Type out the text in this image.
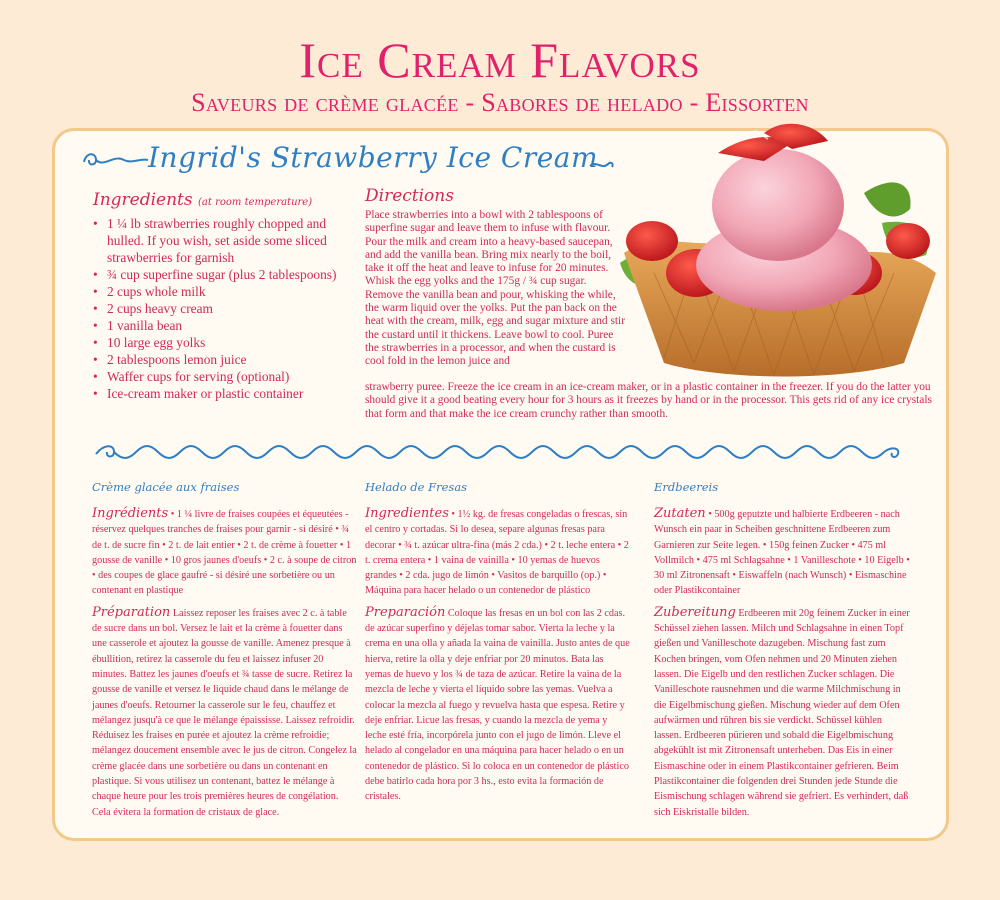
Ice Cream Flavors
Saveurs de crème glacée - Sabores de helado - Eissorten
Ingrid's Strawberry Ice Cream
Ingredients (at room temperature)
• 1 ¼ lb strawberries roughly chopped and hulled. If you wish, set aside some sliced strawberries for garnish
• ¾ cup superfine sugar (plus 2 tablespoons)
• 2 cups whole milk
• 2 cups heavy cream
• 1 vanilla bean
• 10 large egg yolks
• 2 tablespoons lemon juice
• Waffer cups for serving (optional)
• Ice-cream maker or plastic container
Directions
Place strawberries into a bowl with 2 tablespoons of superfine sugar and leave them to infuse with flavour. Pour the milk and cream into a heavy-based saucepan, and add the vanilla bean. Bring mix nearly to the boil, take it off the heat and leave to infuse for 20 minutes. Whisk the egg yolks and the 175g / ¾ cup sugar. Remove the vanilla bean and pour, whisking the while, the warm liquid over the yolks. Put the pan back on the heat with the cream, milk, egg and sugar mixture and stir the custard until it thickens. Leave bowl to cool. Puree the strawberries in a processor, and when the custard is cool fold in the lemon juice and
strawberry puree. Freeze the ice cream in an ice-cream maker, or in a plastic container in the freezer. If you do the latter you should give it a good beating every hour for 3 hours as it freezes by hand or in the processor. This gets rid of any ice crystals that form and that make the ice cream crunchy rather than smooth.
Crème glacée aux fraises

Ingrédients • 1 ¼ livre de fraises coupées et équeutées - réservez quelques tranches de fraises pour garnir - si désiré • ¾ de t. de sucre fin • 2 t. de lait entier • 2 t. de crème à fouetter • 1 gousse de vanille • 10 gros jaunes d'oeufs • 2 c. à soupe de citron • des coupes de glace gaufré - si désiré une sorbetière ou un contenant en plastique

Préparation Laissez reposer les fraises avec 2 c. à table de sucre dans un bol. Versez le lait et la crème à fouetter dans une casserole et ajoutez la gousse de vanille. Amenez presque à ébullition, retirez la casserole du feu et laissez infuser 20 minutes. Battez les jaunes d'oeufs et ¾ tasse de sucre. Retirez la gousse de vanille et versez le liquide chaud dans le mélange de jaunes d'oeufs. Retourner la casserole sur le feu, chauffez et mélangez jusqu'à ce que le mélange épaississe. Laissez refroidir. Réduisez les fraises en purée et ajoutez la crème refroidie; mélangez doucement ensemble avec le jus de citron. Congelez la crème glacée dans une sorbetière ou dans un contenant en plastique. Si vous utilisez un contenant, battez le mélange à chaque heure pour les trois premières heures de congélation. Cela évitera la formation de cristaux de glace.

Helado de Fresas

Ingredientes • 1½ kg. de fresas congeladas o frescas, sin el centro y cortadas. Si lo desea, separe algunas fresas para decorar • ¾ t. azúcar ultra-fina (más 2 cda.) • 2 t. leche entera • 2 t. crema entera • 1 vaina de vainilla • 10 yemas de huevos grandes • 2 cda. jugo de limón • Vasitos de barquillo (op.) • Máquina para hacer helado o un contenedor de plástico

Preparación Coloque las fresas en un bol con las 2 cdas. de azúcar superfino y déjelas tomar sabor. Vierta la leche y la crema en una olla y añada la vaina de vainilla. Justo antes de que hierva, retire la olla y deje enfriar por 20 minutos. Bata las yemas de huevo y los ¾ de taza de azúcar. Retire la vaina de la mezcla de leche y vierta el líquido sobre las yemas. Vuelva a colocar la mezcla al fuego y revuelva hasta que espesa. Retire y deje enfriar. Licue las fresas, y cuando la mezcla de yema y leche esté fría, incorpórela junto con el jugo de limón. Lleve el helado al congelador en una máquina para hacer helado o en un contenedor de plástico. Si lo coloca en un contenedor de plástico debe batirlo cada hora por 3 hs., esto evita la formación de cristales.

Erdbeereis

Zutaten • 500g geputzte und halbierte Erdbeeren - nach Wunsch ein paar in Scheiben geschnittene Erdbeeren zum Garnieren zur Seite legen. • 150g feinen Zucker • 475 ml Vollmilch • 475 ml Schlagsahne • 1 Vanilleschote • 10 Eigelb • 30 ml Zitronensaft • Eiswaffeln (nach Wunsch) • Eismaschine oder Plastikcontainer

Zubereitung Erdbeeren mit 20g feinem Zucker in einer Schüssel ziehen lassen. Milch und Schlagsahne in einen Topf gießen und Vanilleschote dazugeben. Mischung fast zum Kochen bringen, vom Ofen nehmen und 20 Minuten ziehen lassen. Die Eigelb und den restlichen Zucker schlagen. Die Vanilleschote rausnehmen und die warme Milchmischung in die Eigelbmischung gießen. Mischung wieder auf dem Ofen aufwärmen und rühren bis sie verdickt. Schüssel kühlen lassen. Erdbeeren pürieren und sobald die Eigelbmischung abgekühlt ist mit Zitronensaft unterheben. Das Eis in einer Eismaschine oder in einem Plastikcontainer gefrieren. Beim Plastikcontainer die folgenden drei Stunden jede Stunde die Eismischung schlagen während sie gefriert. Es verhindert, daß sich Eiskristalle bilden.
